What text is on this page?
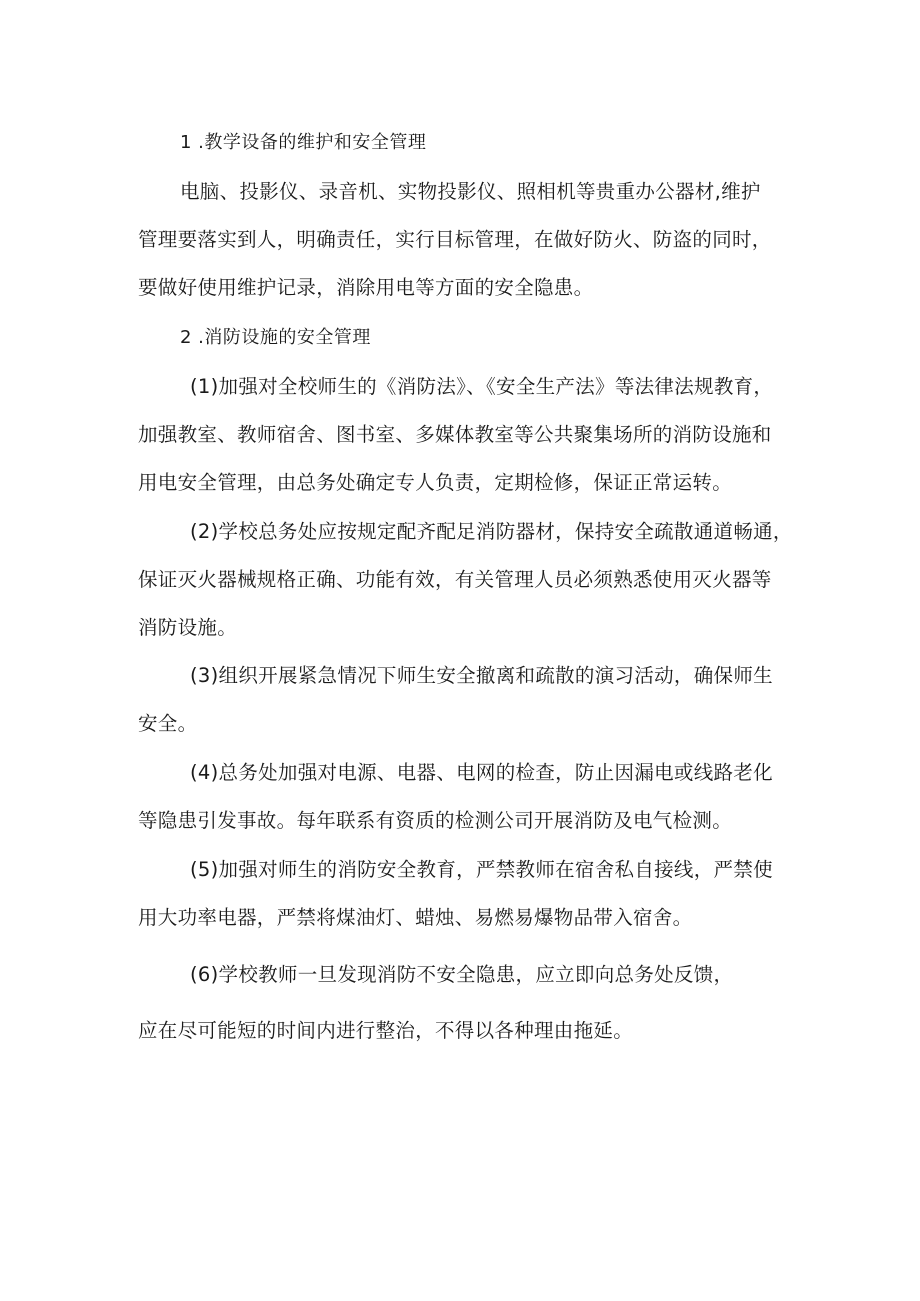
1 .教学设备的维护和安全管理
电脑、投影仪、录音机、实物投影仪、照相机等贵重办公器材,维护
管理要落实到人，明确责任，实行目标管理，在做好防火、防盗的同时，
要做好使用维护记录，消除用电等方面的安全隐患。
2 .消防设施的安全管理
(1)加强对全校师生的《消防法》、《安全生产法》等法律法规教育，
加强教室、教师宿舍、图书室、多媒体教室等公共聚集场所的消防设施和
用电安全管理，由总务处确定专人负责，定期检修，保证正常运转。
(2)学校总务处应按规定配齐配足消防器材，保持安全疏散通道畅通，
保证灭火器械规格正确、功能有效，有关管理人员必须熟悉使用灭火器等
消防设施。
(3)组织开展紧急情况下师生安全撤离和疏散的演习活动，确保师生
安全。
(4)总务处加强对电源、电器、电网的检查，防止因漏电或线路老化
等隐患引发事故。每年联系有资质的检测公司开展消防及电气检测。
(5)加强对师生的消防安全教育，严禁教师在宿舍私自接线，严禁使
用大功率电器，严禁将煤油灯、蜡烛、易燃易爆物品带入宿舍。
(6)学校教师一旦发现消防不安全隐患，应立即向总务处反馈，
应在尽可能短的时间内进行整治，不得以各种理由拖延。
